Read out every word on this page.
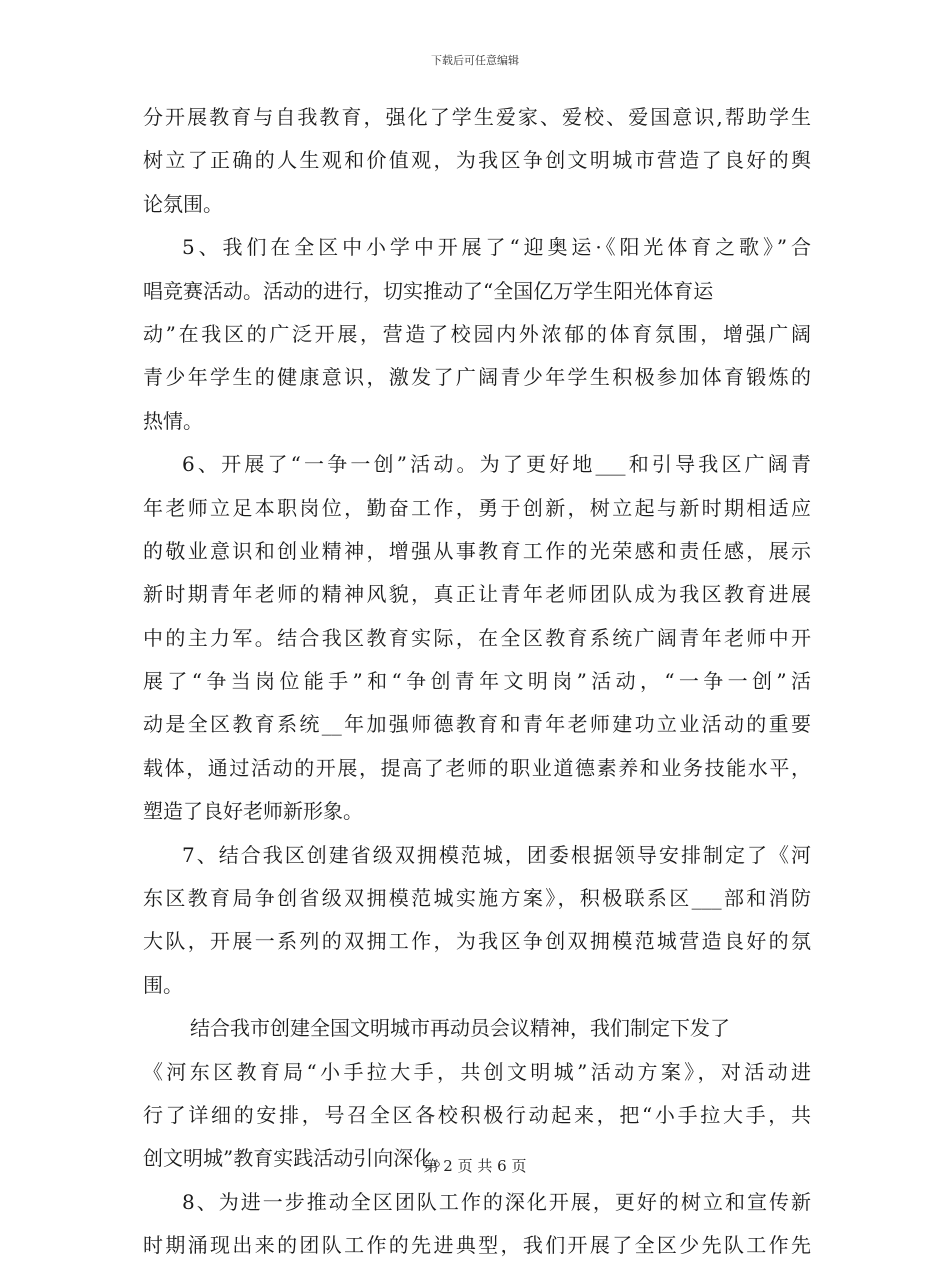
下载后可任意编辑
分开展教育与自我教育，强化了学生爱家、爱校、爱国意识,帮助学生
树立了正确的人生观和价值观，为我区争创文明城市营造了良好的舆
论氛围。
5、我们在全区中小学中开展了“迎奥运·《阳光体育之歌》”合
唱竞赛活动。活动的进行，切实推动了“全国亿万学生阳光体育运
动”在我区的广泛开展，营造了校园内外浓郁的体育氛围，增强广阔
青少年学生的健康意识，激发了广阔青少年学生积极参加体育锻炼的
热情。
6、开展了“一争一创”活动。为了更好地___和引导我区广阔青
年老师立足本职岗位，勤奋工作，勇于创新，树立起与新时期相适应
的敬业意识和创业精神，增强从事教育工作的光荣感和责任感，展示
新时期青年老师的精神风貌，真正让青年老师团队成为我区教育进展
中的主力军。结合我区教育实际，在全区教育系统广阔青年老师中开
展了“争当岗位能手”和“争创青年文明岗”活动，“一争一创”活
动是全区教育系统__年加强师德教育和青年老师建功立业活动的重要
载体，通过活动的开展，提高了老师的职业道德素养和业务技能水平，
塑造了良好老师新形象。
7、结合我区创建省级双拥模范城，团委根据领导安排制定了《河
东区教育局争创省级双拥模范城实施方案》，积极联系区___部和消防
大队，开展一系列的双拥工作，为我区争创双拥模范城营造良好的氛
围。
结合我市创建全国文明城市再动员会议精神，我们制定下发了
《河东区教育局“小手拉大手，共创文明城”活动方案》，对活动进
行了详细的安排，号召全区各校积极行动起来，把“小手拉大手，共
创文明城”教育实践活动引向深化。
8、为进一步推动全区团队工作的深化开展，更好的树立和宣传新
时期涌现出来的团队工作的先进典型，我们开展了全区少先队工作先
第 2 页 共 6 页
